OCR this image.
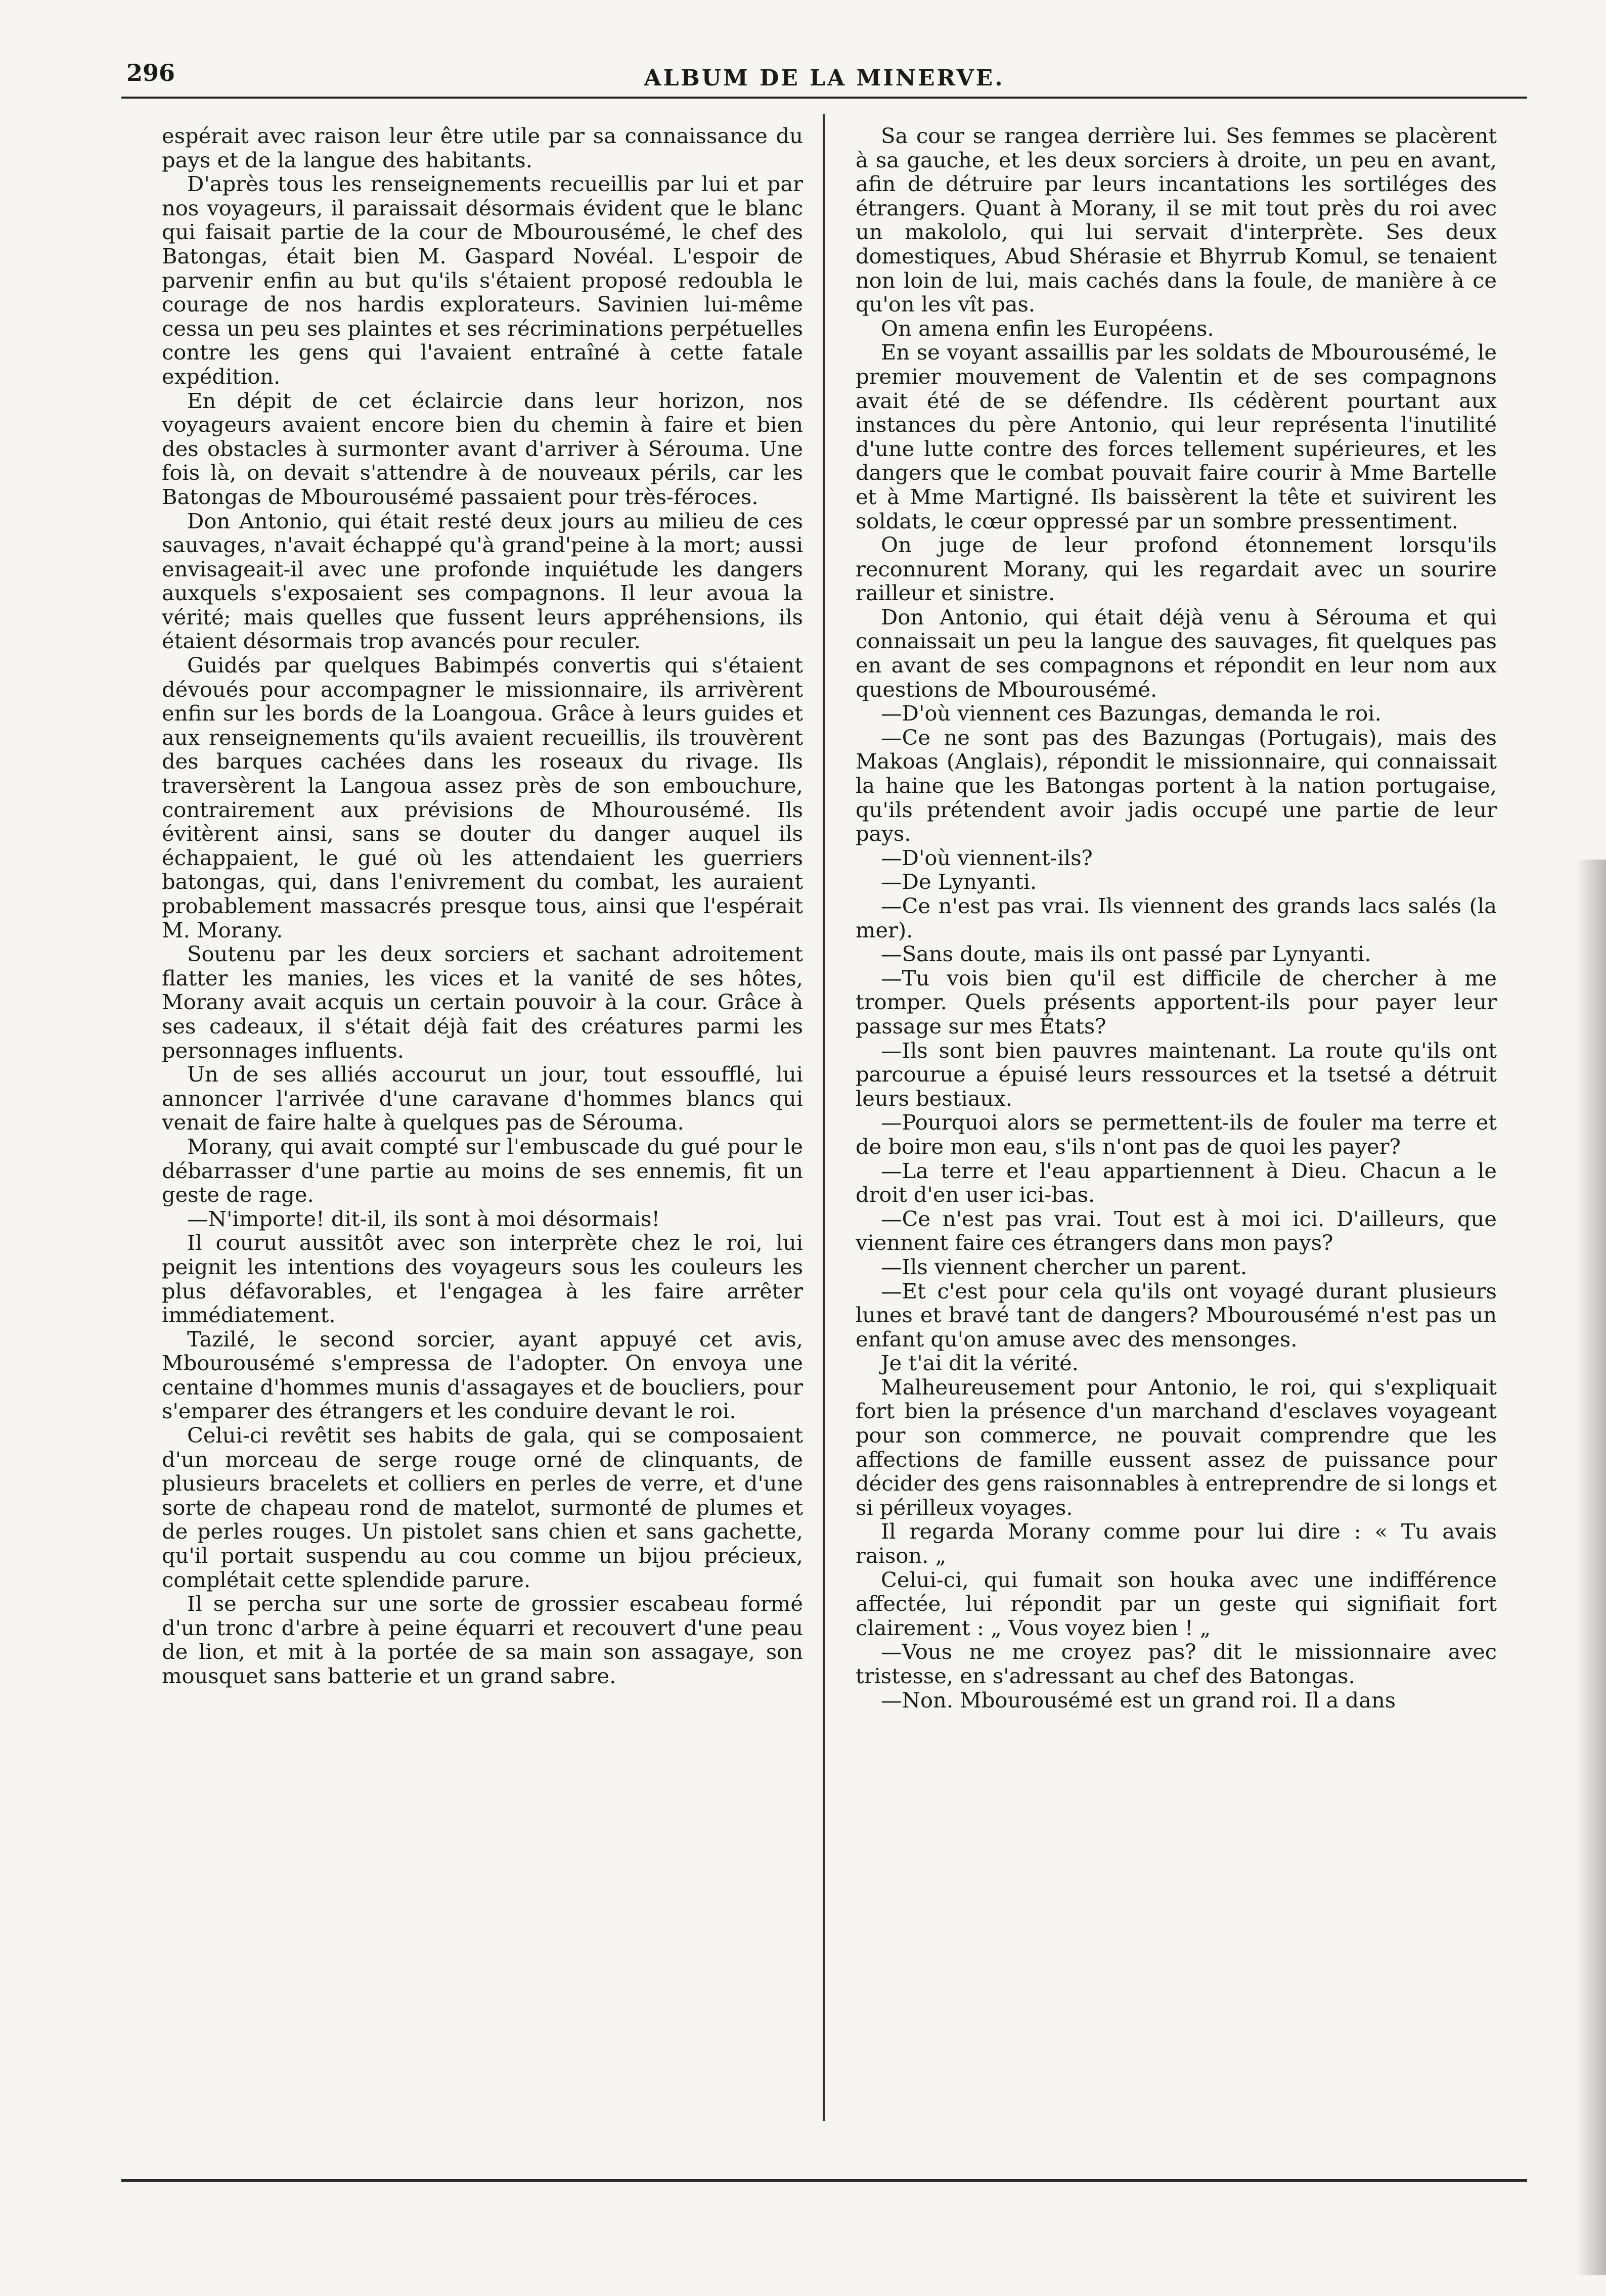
296	ALBUM DE LA MINERVE.

espérait avec raison leur être utile par sa connaissance du pays et de la langue des habitants.

D'après tous les renseignements recueillis par lui et par nos voyageurs, il paraissait désormais évident que le blanc qui faisait partie de la cour de Mbourousémé, le chef des Batongas, était bien M. Gaspard Novéal. L'espoir de parvenir enfin au but qu'ils s'étaient proposé redoubla le courage de nos hardis explorateurs. Savinien lui-même cessa un peu ses plaintes et ses récriminations perpétuelles contre les gens qui l'avaient entraîné à cette fatale expédition.

En dépit de cet éclaircie dans leur horizon, nos voyageurs avaient encore bien du chemin à faire et bien des obstacles à surmonter avant d'arriver à Sérouma. Une fois là, on devait s'attendre à de nouveaux périls, car les Batongas de Mbourousémé passaient pour très-féroces.

Don Antonio, qui était resté deux jours au milieu de ces sauvages, n'avait échappé qu'à grand'peine à la mort; aussi envisageait-il avec une profonde inquiétude les dangers auxquels s'exposaient ses compagnons. Il leur avoua la vérité; mais quelles que fussent leurs appréhensions, ils étaient désormais trop avancés pour reculer.

Guidés par quelques Babimpés convertis qui s'étaient dévoués pour accompagner le missionnaire, ils arrivèrent enfin sur les bords de la Loangoua. Grâce à leurs guides et aux renseignements qu'ils avaient recueillis, ils trouvèrent des barques cachées dans les roseaux du rivage. Ils traversèrent la Langoua assez près de son embouchure, contrairement aux prévisions de Mhourousémé. Ils évitèrent ainsi, sans se douter du danger auquel ils échappaient, le gué où les attendaient les guerriers batongas, qui, dans l'enivrement du combat, les auraient probablement massacrés presque tous, ainsi que l'espérait M. Morany.

Soutenu par les deux sorciers et sachant adroitement flatter les manies, les vices et la vanité de ses hôtes, Morany avait acquis un certain pouvoir à la cour. Grâce à ses cadeaux, il s'était déjà fait des créatures parmi les personnages influents.

Un de ses alliés accourut un jour, tout essoufflé, lui annoncer l'arrivée d'une caravane d'hommes blancs qui venait de faire halte à quelques pas de Sérouma.

Morany, qui avait compté sur l'embuscade du gué pour le débarrasser d'une partie au moins de ses ennemis, fit un geste de rage.

—N'importe! dit-il, ils sont à moi désormais!

Il courut aussitôt avec son interprète chez le roi, lui peignit les intentions des voyageurs sous les couleurs les plus défavorables, et l'engagea à les faire arrêter immédiatement.

Tazilé, le second sorcier, ayant appuyé cet avis, Mbourousémé s'empressa de l'adopter. On envoya une centaine d'hommes munis d'assagayes et de boucliers, pour s'emparer des étrangers et les conduire devant le roi.

Celui-ci revêtit ses habits de gala, qui se composaient d'un morceau de serge rouge orné de clinquants, de plusieurs bracelets et colliers en perles de verre, et d'une sorte de chapeau rond de matelot, surmonté de plumes et de perles rouges. Un pistolet sans chien et sans gachette, qu'il portait suspendu au cou comme un bijou précieux, complétait cette splendide parure.

Il se percha sur une sorte de grossier escabeau formé d'un tronc d'arbre à peine équarri et recouvert d'une peau de lion, et mit à la portée de sa main son assagaye, son mousquet sans batterie et un grand sabre.

Sa cour se rangea derrière lui. Ses femmes se placèrent à sa gauche, et les deux sorciers à droite, un peu en avant, afin de détruire par leurs incantations les sortiléges des étrangers. Quant à Morany, il se mit tout près du roi avec un makololo, qui lui servait d'interprète. Ses deux domestiques, Abud Shérasie et Bhyrrub Komul, se tenaient non loin de lui, mais cachés dans la foule, de manière à ce qu'on les vît pas.

On amena enfin les Européens.

En se voyant assaillis par les soldats de Mbourousémé, le premier mouvement de Valentin et de ses compagnons avait été de se défendre. Ils cédèrent pourtant aux instances du père Antonio, qui leur représenta l'inutilité d'une lutte contre des forces tellement supérieures, et les dangers que le combat pouvait faire courir à Mme Bartelle et à Mme Martigné. Ils baissèrent la tête et suivirent les soldats, le cœur oppressé par un sombre pressentiment.

On juge de leur profond étonnement lorsqu'ils reconnurent Morany, qui les regardait avec un sourire railleur et sinistre.

Don Antonio, qui était déjà venu à Sérouma et qui connaissait un peu la langue des sauvages, fit quelques pas en avant de ses compagnons et répondit en leur nom aux questions de Mbourousémé.

—D'où viennent ces Bazungas, demanda le roi.

—Ce ne sont pas des Bazungas (Portugais), mais des Makoas (Anglais), répondit le missionnaire, qui connaissait la haine que les Batongas portent à la nation portugaise, qu'ils prétendent avoir jadis occupé une partie de leur pays.

—D'où viennent-ils?

—De Lynyanti.

—Ce n'est pas vrai. Ils viennent des grands lacs salés (la mer).

—Sans doute, mais ils ont passé par Lynyanti.

—Tu vois bien qu'il est difficile de chercher à me tromper. Quels présents apportent-ils pour payer leur passage sur mes États?

—Ils sont bien pauvres maintenant. La route qu'ils ont parcourue a épuisé leurs ressources et la tsetsé a détruit leurs bestiaux.

—Pourquoi alors se permettent-ils de fouler ma terre et de boire mon eau, s'ils n'ont pas de quoi les payer?

—La terre et l'eau appartiennent à Dieu. Chacun a le droit d'en user ici-bas.

—Ce n'est pas vrai. Tout est à moi ici. D'ailleurs, que viennent faire ces étrangers dans mon pays?

—Ils viennent chercher un parent.

—Et c'est pour cela qu'ils ont voyagé durant plusieurs lunes et bravé tant de dangers? Mbourousémé n'est pas un enfant qu'on amuse avec des mensonges.

Je t'ai dit la vérité.

Malheureusement pour Antonio, le roi, qui s'expliquait fort bien la présence d'un marchand d'esclaves voyageant pour son commerce, ne pouvait comprendre que les affections de famille eussent assez de puissance pour décider des gens raisonnables à entreprendre de si longs et si périlleux voyages.

Il regarda Morany comme pour lui dire : « Tu avais raison. „

Celui-ci, qui fumait son houka avec une indifférence affectée, lui répondit par un geste qui signifiait fort clairement : „ Vous voyez bien ! „

—Vous ne me croyez pas? dit le missionnaire avec tristesse, en s'adressant au chef des Batongas.

—Non. Mbourousémé est un grand roi. Il a dans
